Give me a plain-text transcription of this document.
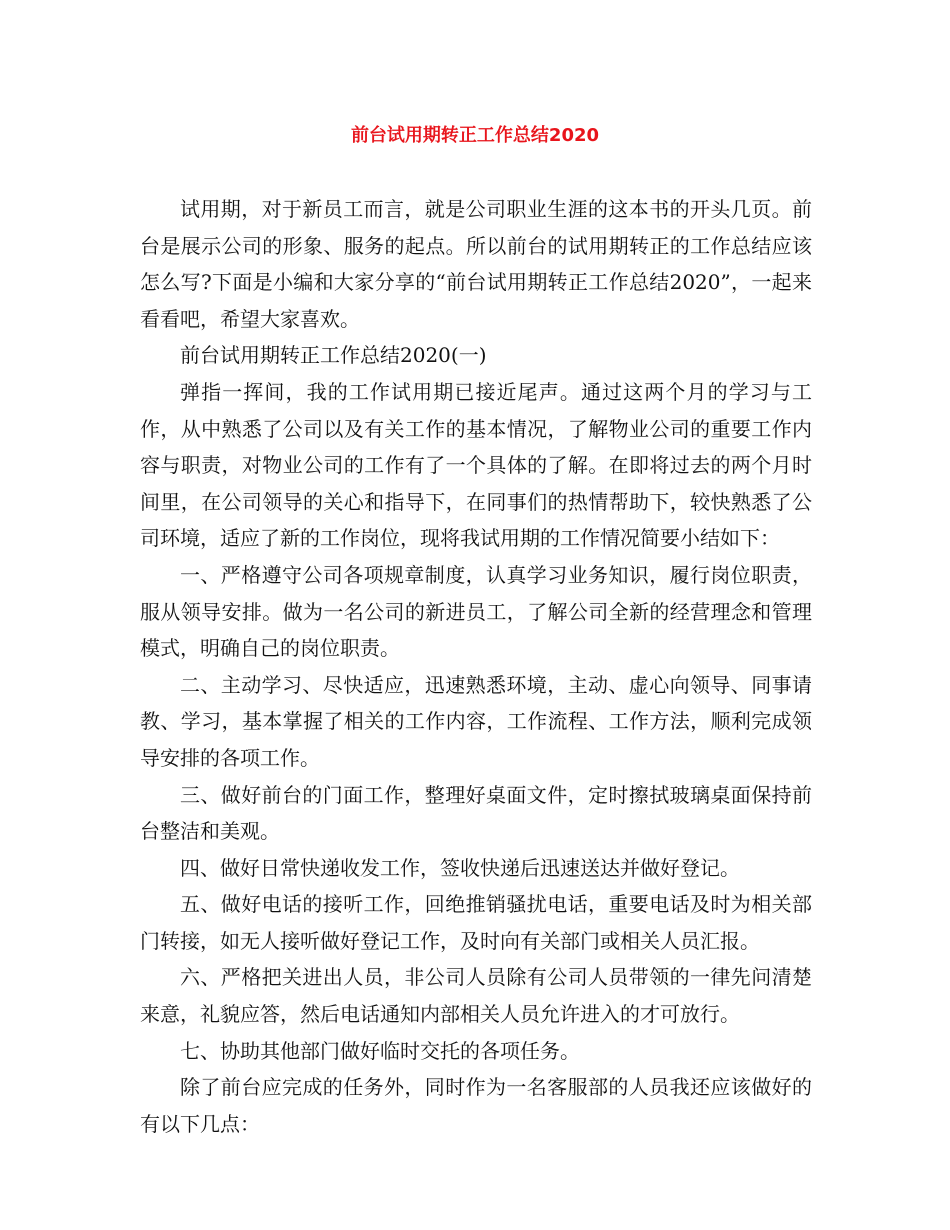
前台试用期转正工作总结2020

试用期，对于新员工而言，就是公司职业生涯的这本书的开头几页。前台是展示公司的形象、服务的起点。所以前台的试用期转正的工作总结应该怎么写?下面是小编和大家分享的“前台试用期转正工作总结2020”，一起来看看吧，希望大家喜欢。

前台试用期转正工作总结2020(一)

弹指一挥间，我的工作试用期已接近尾声。通过这两个月的学习与工作，从中熟悉了公司以及有关工作的基本情况，了解物业公司的重要工作内容与职责，对物业公司的工作有了一个具体的了解。在即将过去的两个月时间里，在公司领导的关心和指导下，在同事们的热情帮助下，较快熟悉了公司环境，适应了新的工作岗位，现将我试用期的工作情况简要小结如下：

一、严格遵守公司各项规章制度，认真学习业务知识，履行岗位职责，服从领导安排。做为一名公司的新进员工，了解公司全新的经营理念和管理模式，明确自己的岗位职责。

二、主动学习、尽快适应，迅速熟悉环境，主动、虚心向领导、同事请教、学习，基本掌握了相关的工作内容，工作流程、工作方法，顺利完成领导安排的各项工作。

三、做好前台的门面工作，整理好桌面文件，定时擦拭玻璃桌面保持前台整洁和美观。

四、做好日常快递收发工作，签收快递后迅速送达并做好登记。

五、做好电话的接听工作，回绝推销骚扰电话，重要电话及时为相关部门转接，如无人接听做好登记工作，及时向有关部门或相关人员汇报。

六、严格把关进出人员，非公司人员除有公司人员带领的一律先问清楚来意，礼貌应答，然后电话通知内部相关人员允许进入的才可放行。

七、协助其他部门做好临时交托的各项任务。

除了前台应完成的任务外，同时作为一名客服部的人员我还应该做好的有以下几点：
